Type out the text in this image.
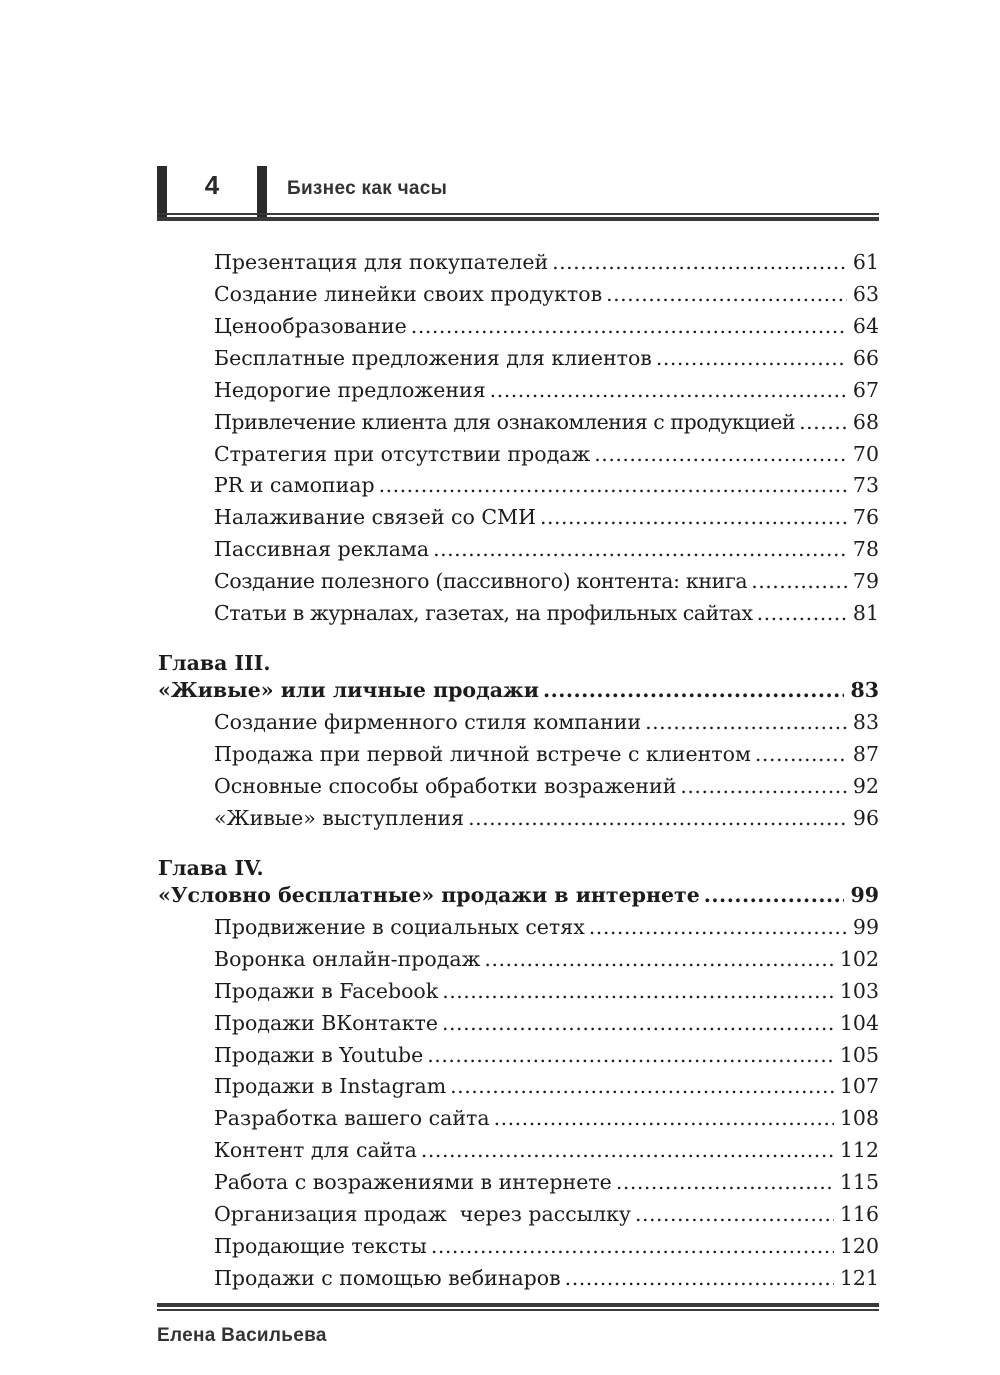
4	Бизнес как часы
Презентация для покупателей .....	61
Создание линейки своих продуктов .....	63
Ценообразование .....	64
Бесплатные предложения для клиентов .....	66
Недорогие предложения .....	67
Привлечение клиента для ознакомления с продукцией .....	68
Стратегия при отсутствии продаж .....	70
PR и самопиар .....	73
Налаживание связей со СМИ .....	76
Пассивная реклама .....	78
Создание полезного (пассивного) контента: книга .....	79
Статьи в журналах, газетах, на профильных сайтах .....	81
Глава III.
«Живые» или личные продажи .....	83
Создание фирменного стиля компании .....	83
Продажа при первой личной встрече с клиентом .....	87
Основные способы обработки возражений .....	92
«Живые» выступления .....	96
Глава IV.
«Условно бесплатные» продажи в интернете .....	99
Продвижение в социальных сетях .....	99
Воронка онлайн-продаж .....	102
Продажи в Facebook .....	103
Продажи ВКонтакте .....	104
Продажи в Youtube .....	105
Продажи в Instagram .....	107
Разработка вашего сайта .....	108
Контент для сайта .....	112
Работа с возражениями в интернете .....	115
Организация продаж  через рассылку .....	116
Продающие тексты .....	120
Продажи с помощью вебинаров .....	121
Елена Васильева
